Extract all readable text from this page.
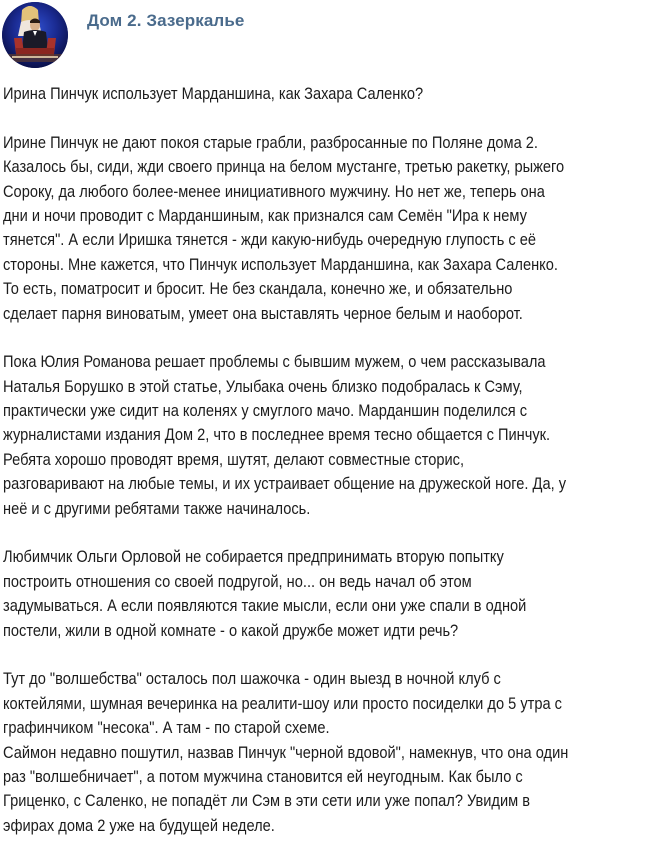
Дом 2. Зазеркалье
Ирина Пинчук использует Марданшина, как Захара Саленко?
Ирине Пинчук не дают покоя старые грабли, разбросанные по Поляне дома 2.
Казалось бы, сиди, жди своего принца на белом мустанге, третью ракетку, рыжего
Сороку, да любого более-менее инициативного мужчину. Но нет же, теперь она
дни и ночи проводит с Марданшиным, как признался сам Семён "Ира к нему
тянется". А если Иришка тянется - жди какую-нибудь очередную глупость с её
стороны. Мне кажется, что Пинчук использует Марданшина, как Захара Саленко.
То есть, поматросит и бросит. Не без скандала, конечно же, и обязательно
сделает парня виноватым, умеет она выставлять черное белым и наоборот.
Пока Юлия Романова решает проблемы с бывшим мужем, о чем рассказывала
Наталья Борушко в этой статье, Улыбака очень близко подобралась к Сэму,
практически уже сидит на коленях у смуглого мачо. Марданшин поделился с
журналистами издания Дом 2, что в последнее время тесно общается с Пинчук.
Ребята хорошо проводят время, шутят, делают совместные сторис,
разговаривают на любые темы, и их устраивает общение на дружеской ноге. Да, у
неё и с другими ребятами также начиналось.
Любимчик Ольги Орловой не собирается предпринимать вторую попытку
построить отношения со своей подругой, но... он ведь начал об этом
задумываться. А если появляются такие мысли, если они уже спали в одной
постели, жили в одной комнате - о какой дружбе может идти речь?
Тут до "волшебства" осталось пол шажочка - один выезд в ночной клуб с
коктейлями, шумная вечеринка на реалити-шоу или просто посиделки до 5 утра с
графинчиком "несока". А там - по старой схеме.
Саймон недавно пошутил, назвав Пинчук "черной вдовой", намекнув, что она один
раз "волшебничает", а потом мужчина становится ей неугодным. Как было с
Гриценко, с Саленко, не попадёт ли Сэм в эти сети или уже попал? Увидим в
эфирах дома 2 уже на будущей неделе.
